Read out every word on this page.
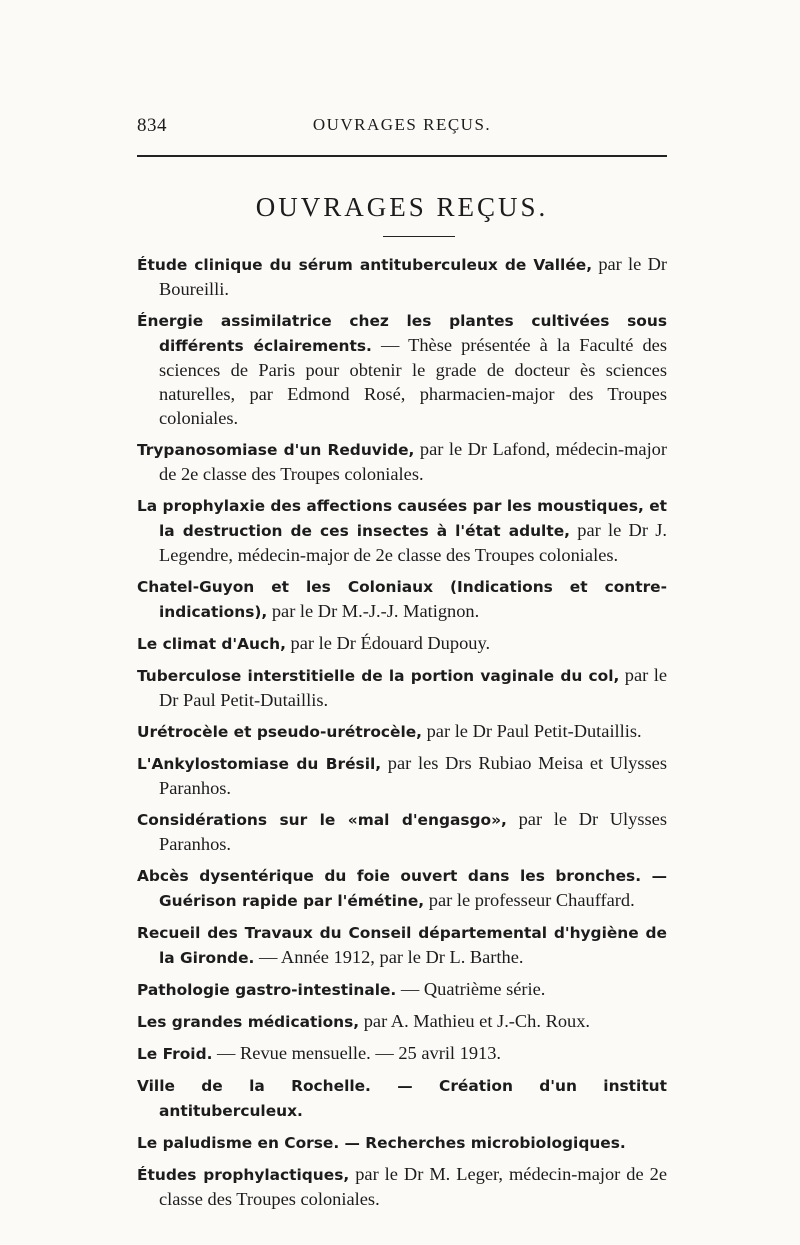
834	OUVRAGES REÇUS.
OUVRAGES REÇUS.

Étude clinique du sérum antituberculeux de Vallée, par le Dr Boureilli.

Énergie assimilatrice chez les plantes cultivées sous différents éclairements. — Thèse présentée à la Faculté des sciences de Paris pour obtenir le grade de docteur ès sciences naturelles, par Edmond Rosé, pharmacien-major des Troupes coloniales.

Trypanosomiase d'un Reduvide, par le Dr Lafond, médecin-major de 2e classe des Troupes coloniales.

La prophylaxie des affections causées par les moustiques, et la destruction de ces insectes à l'état adulte, par le Dr J. Legendre, médecin-major de 2e classe des Troupes coloniales.

Chatel-Guyon et les Coloniaux (Indications et contre-indications), par le Dr M.-J.-J. Matignon.

Le climat d'Auch, par le Dr Édouard Dupouy.

Tuberculose interstitielle de la portion vaginale du col, par le Dr Paul Petit-Dutaillis.

Urétrocèle et pseudo-urétrocèle, par le Dr Paul Petit-Dutaillis.

L'Ankylostomiase du Brésil, par les Drs Rubiao Meisa et Ulysses Paranhos.

Considérations sur le «mal d'engasgo», par le Dr Ulysses Paranhos.

Abcès dysentérique du foie ouvert dans les bronches. — Guérison rapide par l'émétine, par le professeur Chauffard.

Recueil des Travaux du Conseil départemental d'hygiène de la Gironde. — Année 1912, par le Dr L. Barthe.

Pathologie gastro-intestinale. — Quatrième série.

Les grandes médications, par A. Mathieu et J.-Ch. Roux.

Le Froid. — Revue mensuelle. — 25 avril 1913.

Ville de la Rochelle. — Création d'un institut antituberculeux.

Le paludisme en Corse. — Recherches microbiologiques.

Études prophylactiques, par le Dr M. Leger, médecin-major de 2e classe des Troupes coloniales.
